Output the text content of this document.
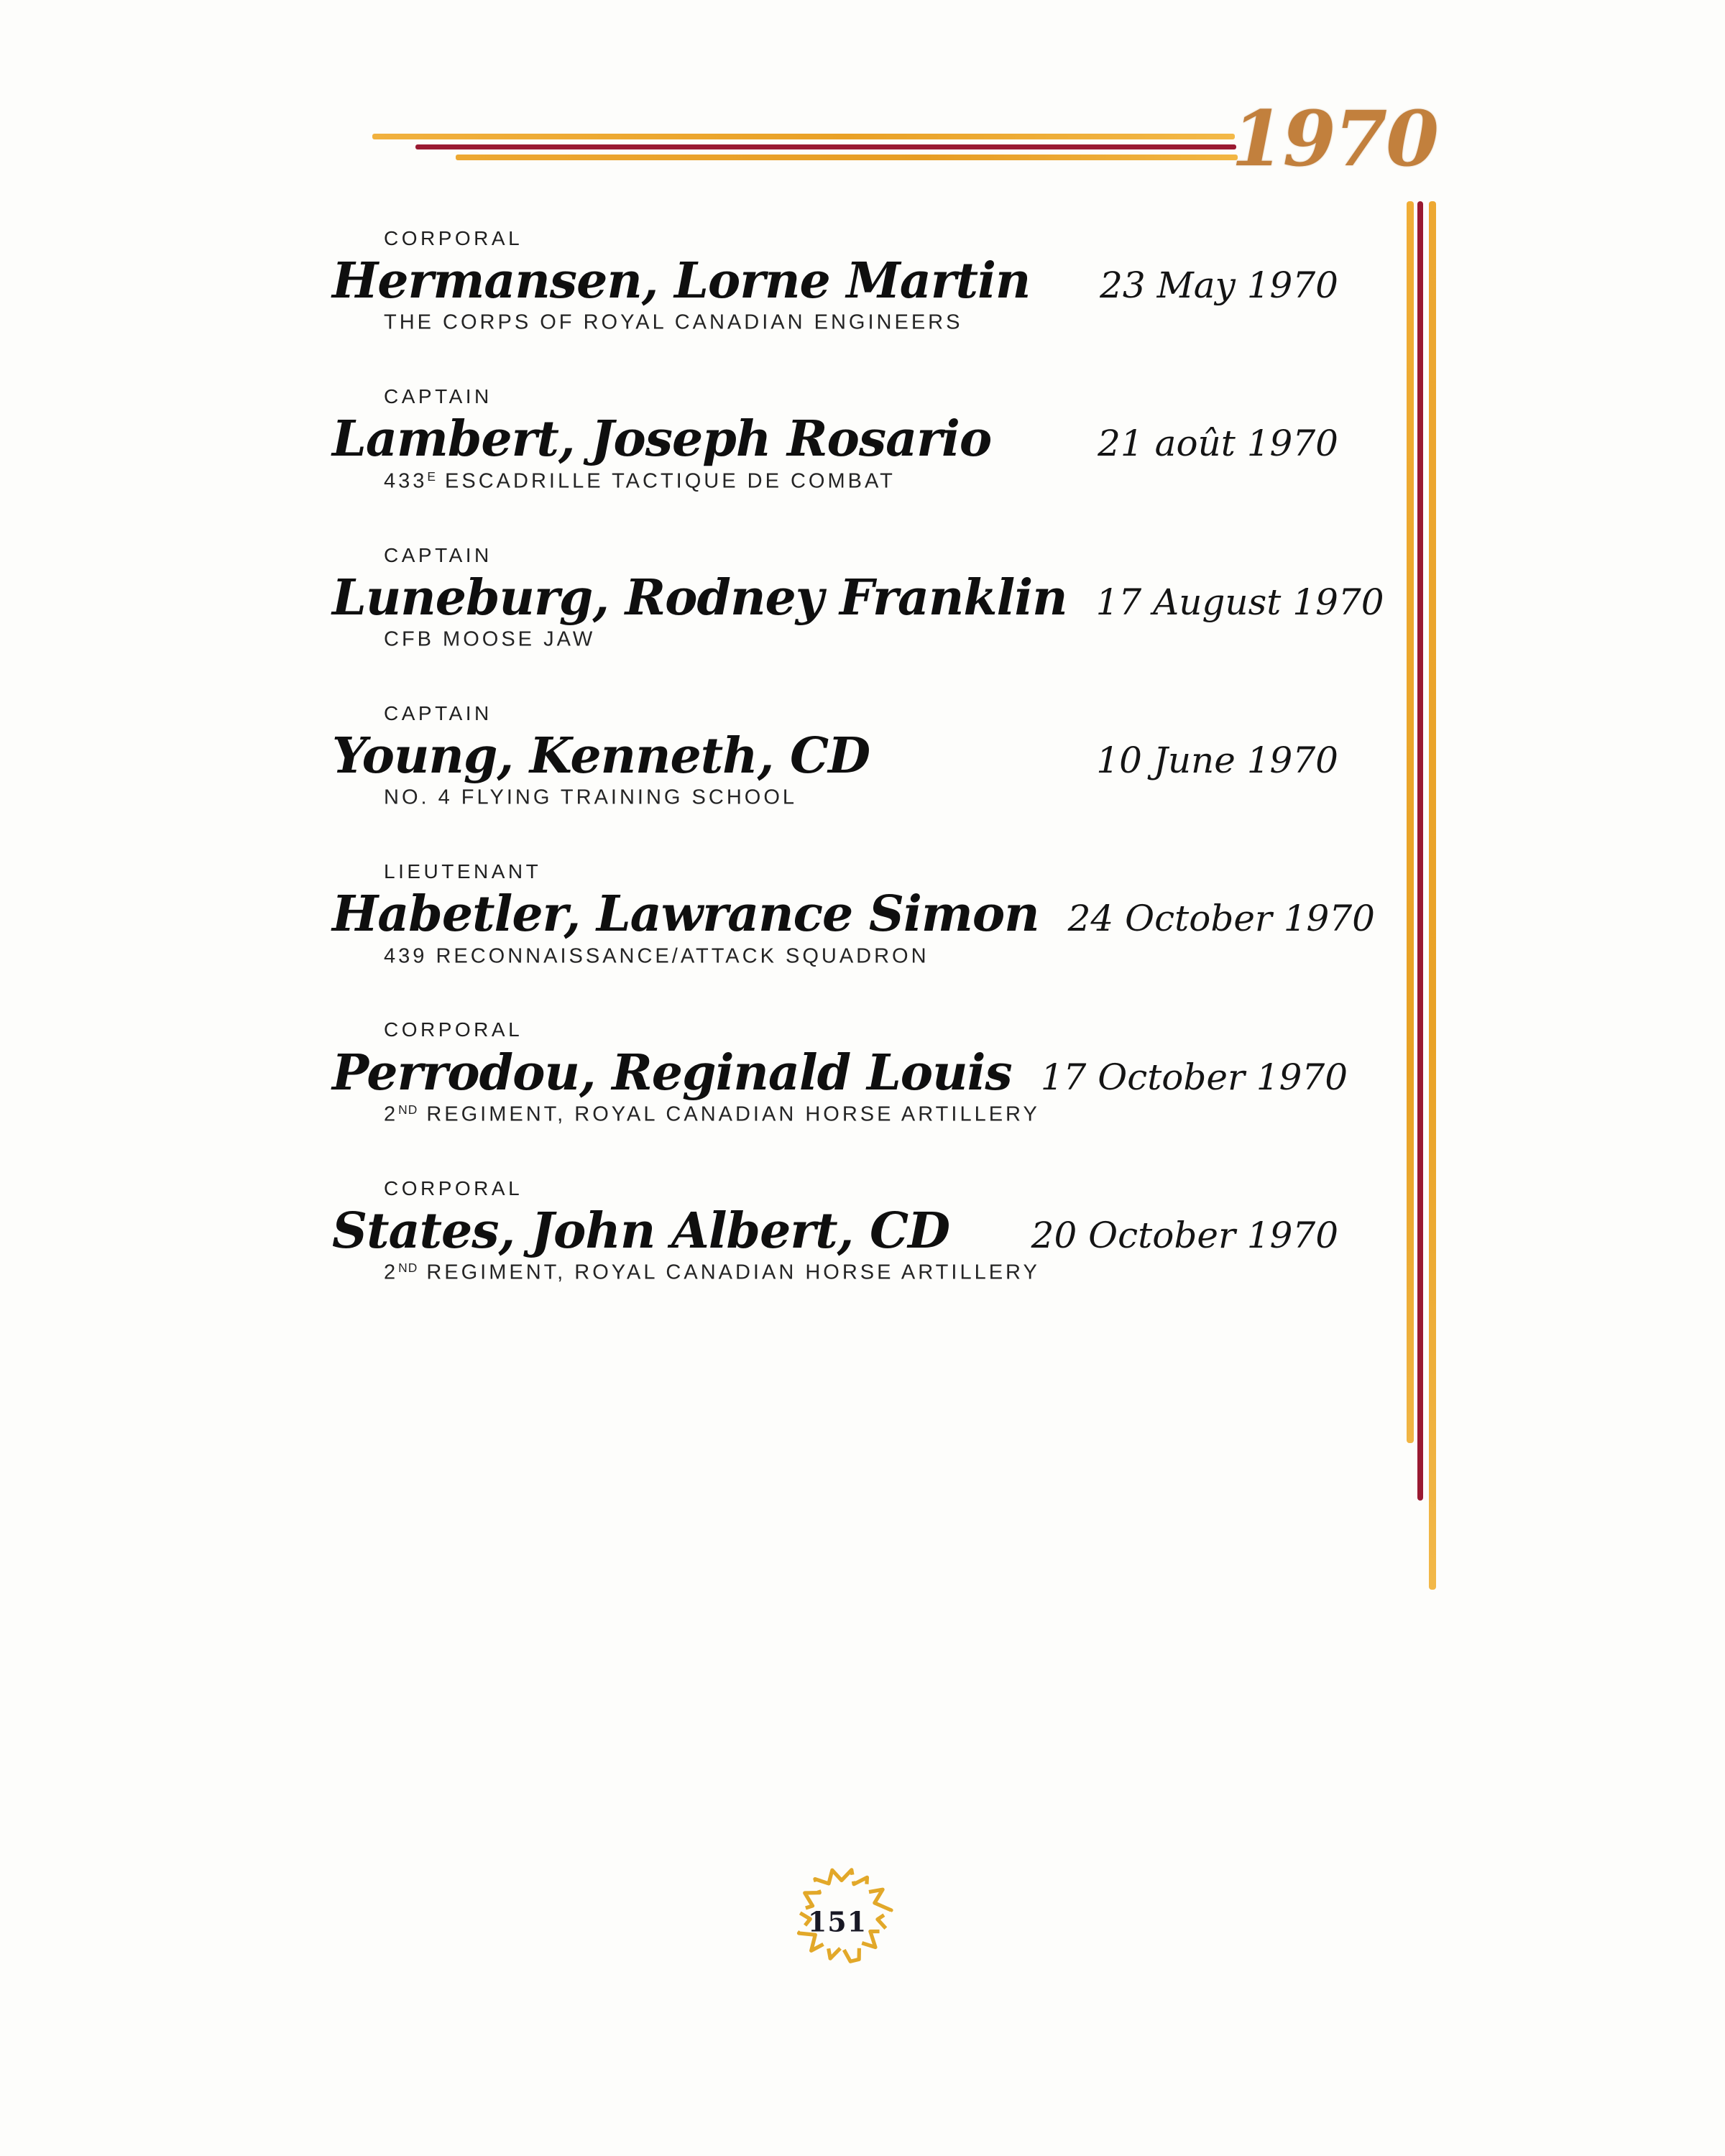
1970
CORPORAL
Hermansen, Lorne Martin	23 May 1970
THE CORPS OF ROYAL CANADIAN ENGINEERS
CAPTAIN
Lambert, Joseph Rosario	21 août 1970
$433^E$ ESCADRILLE TACTIQUE DE COMBAT
CAPTAIN
Luneburg, Rodney Franklin 17 August 1970
CFB MOOSE JAW
CAPTAIN
Young, Kenneth, CD	10 June 1970
NO. 4 FLYING TRAINING SCHOOL
LIEUTENANT
Habetler, Lawrance Simon 24 October 1970
439 RECONNAISSANCE/ATTACK SQUADRON
CORPORAL
Perrodou, Reginald Louis 17 October 1970
2ND REGIMENT, ROYAL CANADIAN HORSE ARTILLERY
CORPORAL
States, John Albert, CD	20 October 1970
2ND REGIMENT, ROYAL CANADIAN HORSE ARTILLERY
151
